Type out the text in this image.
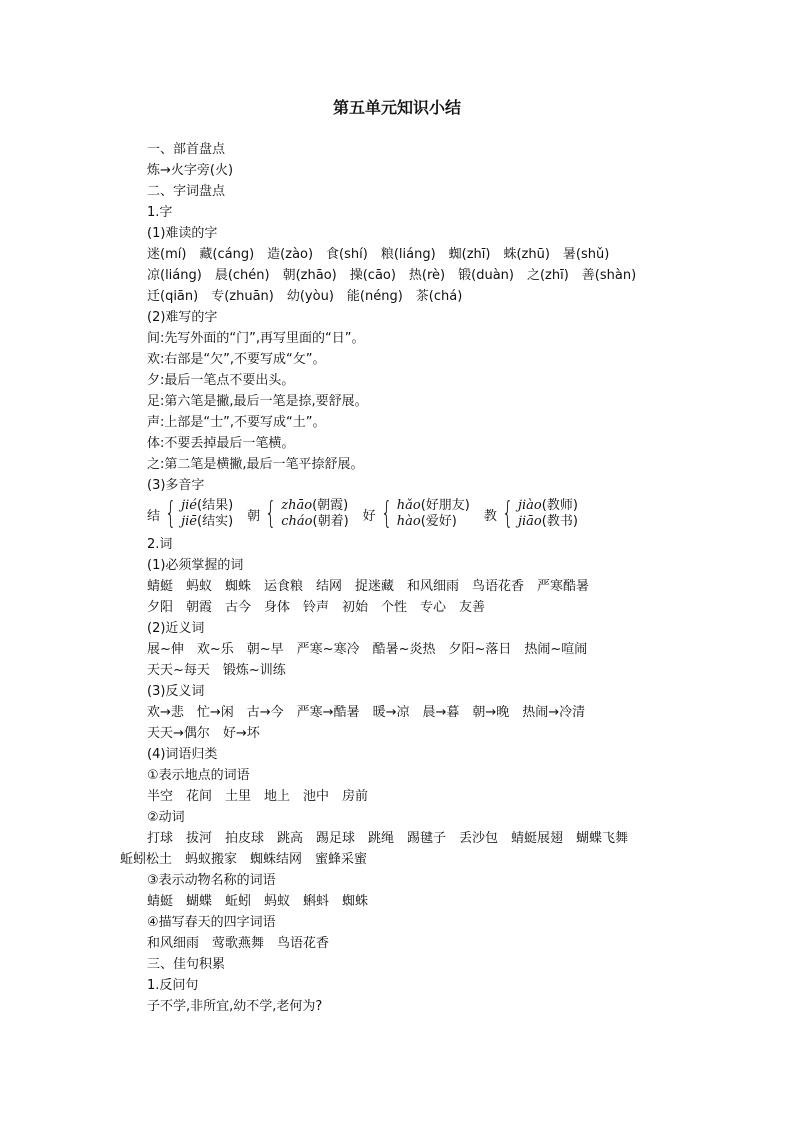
第五单元知识小结
一、部首盘点
炼→火字旁(火)
二、字词盘点
1.字
(1)难读的字
迷(mí)　藏(cáng)　造(zào)　食(shí)　粮(liáng)　蜘(zhī)　蛛(zhū)　暑(shǔ)
凉(liáng)　晨(chén)　朝(zhāo)　操(cāo)　热(rè)　锻(duàn)　之(zhī)　善(shàn)
迁(qiān)　专(zhuān)　幼(yòu)　能(néng)　茶(chá)
(2)难写的字
间:先写外面的“门”,再写里面的“日”。
欢:右部是“欠”,不要写成“攵”。
夕:最后一笔点不要出头。
足:第六笔是撇,最后一笔是捺,要舒展。
声:上部是“士”,不要写成“土”。
体:不要丢掉最后一笔横。
之:第二笔是横撇,最后一笔平捺舒展。
(3)多音字
结 { jié(结果)
jiē(结实) 朝 { zhāo(朝霞)
cháo(朝着) 好 { hǎo(好朋友)
hào(爱好)	教 { jiào(教师)
jiāo(教书)
2.词
(1)必须掌握的词
蜻蜓　蚂蚁　蜘蛛　运食粮　结网　捉迷藏　和风细雨　鸟语花香　严寒酷暑
夕阳　朝霞　古今　身体　铃声　初始　个性　专心　友善
(2)近义词
展~伸　欢~乐　朝~早　严寒~寒冷　酷暑~炎热　夕阳~落日　热闹~喧闹
天天~每天　锻炼~训练
(3)反义词
欢→悲　忙→闲　古→今　严寒→酷暑　暖→凉　晨→暮　朝→晚　热闹→冷清
天天→偶尔　好→坏
(4)词语归类
①表示地点的词语
半空　花间　土里　地上　池中　房前
②动词
打球　拔河　拍皮球　跳高　踢足球　跳绳　踢毽子　丢沙包　蜻蜓展翅　蝴蝶飞舞
蚯蚓松土　蚂蚁搬家　蜘蛛结网　蜜蜂采蜜
③表示动物名称的词语
蜻蜓　蝴蝶　蚯蚓　蚂蚁　蝌蚪　蜘蛛
④描写春天的四字词语
和风细雨　莺歌燕舞　鸟语花香
三、佳句积累
1.反问句
子不学,非所宜,幼不学,老何为?
